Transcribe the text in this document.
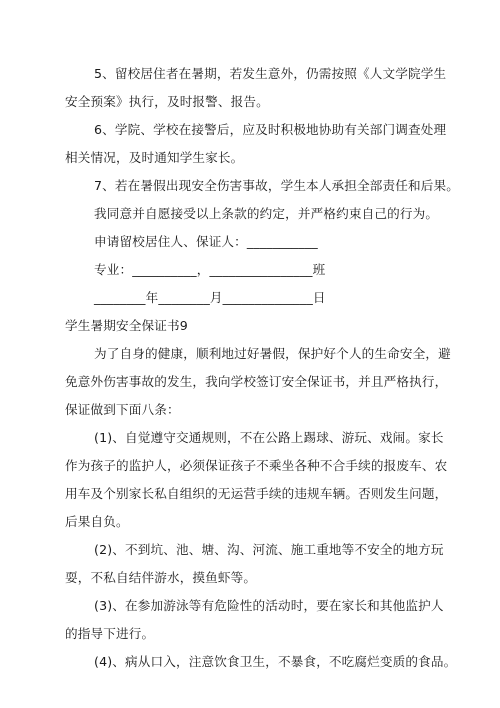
5、留校居住者在暑期，若发生意外，仍需按照《人文学院学生
安全预案》执行，及时报警、报告。
6、学院、学校在接警后，应及时积极地协助有关部门调查处理
相关情况，及时通知学生家长。
7、若在暑假出现安全伤害事故，学生本人承担全部责任和后果。
我同意并自愿接受以上条款的约定，并严格约束自己的行为。
申请留校居住人、保证人：___________
专业：__________，________________班
________年________月______________日
学生暑期安全保证书9
为了自身的健康，顺利地过好暑假，保护好个人的生命安全，避
免意外伤害事故的发生，我向学校签订安全保证书，并且严格执行，
保证做到下面八条：
(1)、自觉遵守交通规则，不在公路上踢球、游玩、戏闹。家长
作为孩子的监护人，必须保证孩子不乘坐各种不合手续的报废车、农
用车及个别家长私自组织的无运营手续的违规车辆。否则发生问题，
后果自负。
(2)、不到坑、池、塘、沟、河流、施工重地等不安全的地方玩
耍，不私自结伴游水，摸鱼虾等。
(3)、在参加游泳等有危险性的活动时，要在家长和其他监护人
的指导下进行。
(4)、病从口入，注意饮食卫生，不暴食，不吃腐烂变质的食品。
